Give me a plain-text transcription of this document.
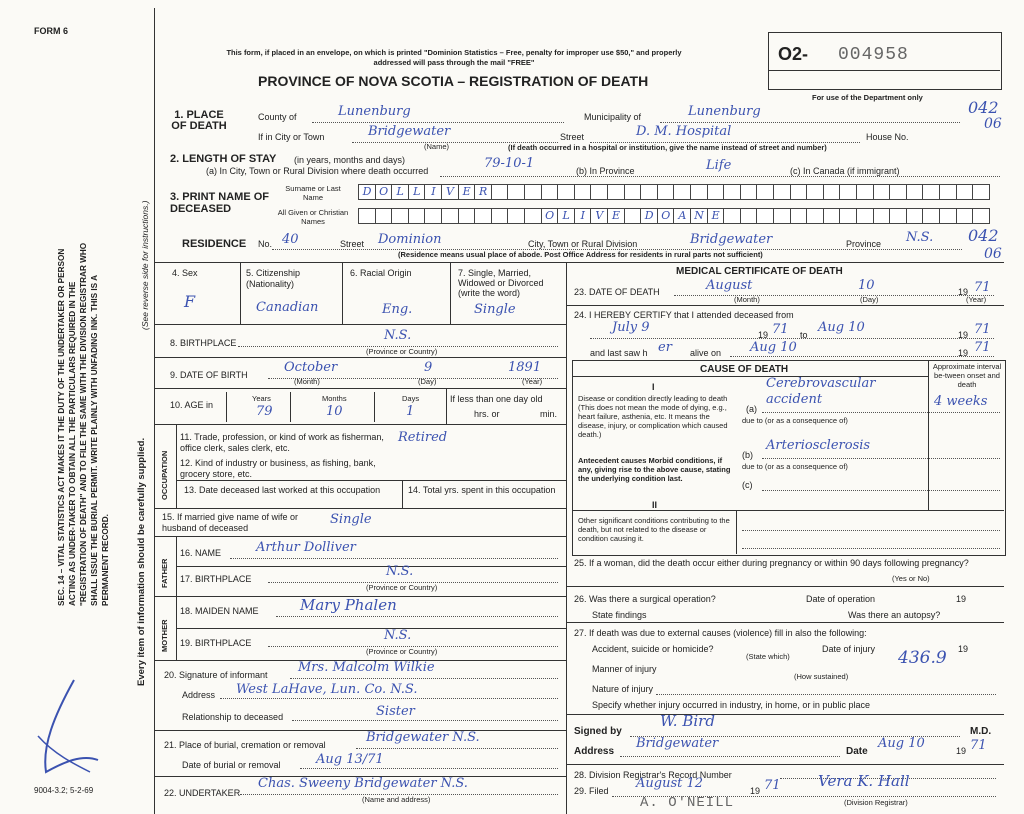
FORM 6
SEC. 14 – VITAL STATISTICS ACT MAKES IT THE DUTY OF THE UNDERTAKER OR PERSON ACTING AS UNDER-TAKER TO OBTAIN ALL THE PARTICULARS REQUIRED IN THE "REGISTRATION OF DEATH" AND TO FILE THE SAME WITH THE DIVISION REGISTRAR WHO SHALL ISSUE THE BURIAL PERMIT. WRITE PLAINLY WITH UNFADING INK. THIS IS A PERMANENT RECORD.	Every item of information should be carefully supplied.
(See reverse side for instructions.)
9004-3.2; 5-2-69
This form, if placed in an envelope, on which is printed "Dominion Statistics – Free, penalty for improper use $50," and properly addressed will pass through the mail "FREE"
PROVINCE OF NOVA SCOTIA – REGISTRATION OF DEATH
O2- 004958
For use of the Department only
042
06
1. PLACE OF DEATH
County of	Lunenburg	Municipality of	Lunenburg
If in City or Town	Bridgewater
(Name)
Street	D. M. Hospital	House No.
(If death occurred in a hospital or institution, give the name instead of street and number)
2. LENGTH OF STAY (in years, months and days)
(a) In City, Town or Rural Division where death occurred	79-10-1	(b) In Province	Life	(c) In Canada (if immigrant)
3. PRINT NAME OF DECEASED
Surname or Last Name
All Given or Christian Names
D O L L I V E R
O L I V E	D O A N E
RESIDENCE No. 40	Street Dominion	City, Town or Rural Division	Bridgewater	Province N.S. 042
06
(Residence means usual place of abode. Post Office Address for residents in rural parts not sufficient)
4. Sex
F
5. Citizenship (Nationality)
Canadian
6. Racial Origin
Eng.
7. Single, Married, Widowed or Divorced (write the word)
Single
8. BIRTHPLACE	N.S.
(Province or Country)
9. DATE OF BIRTH	October	9	1891
(Month)	(Day)	(Year)
10. AGE in
Years	Months	Days
79	10	1
If less than one day old
hrs. or	min.
OCCUPATION
11. Trade, profession, or kind of work as fisherman, office clerk, sales clerk, etc.
Retired
12. Kind of industry or business, as fishing, bank, grocery store, etc.
13. Date deceased last worked at this occupation	14. Total yrs. spent in this occupation
15. If married give name of wife or husband of deceased
Single
FATHER
MOTHER
16. NAME	Arthur Dolliver
17. BIRTHPLACE	N.S.
(Province or Country)
18. MAIDEN NAME	Mary Phalen
19. BIRTHPLACE	N.S.
(Province or Country)
20. Signature of informant Mrs. Malcolm Wilkie
Address West LaHave, Lun. Co. N.S.
Relationship to deceased	Sister
21. Place of burial, cremation or removal	Bridgewater N.S.
Date of burial or removal	Aug 13/71
22. UNDERTAKER
Chas. Sweeny Bridgewater N.S.
(Name and address)
MEDICAL CERTIFICATE OF DEATH
23. DATE OF DEATH	August	10	19 71
(Month)	(Day)	(Year)
24. I HEREBY CERTIFY that I attended deceased from
July 9	19 71 to Aug 10	19 71
and last saw h er alive on Aug 10	19 71
CAUSE OF DEATH	Approximate interval be-tween onset and death
I
Disease or condition directly leading to death (This does not mean the mode of dying, e.g., heart failure, asthenia, etc. It means the disease, injury, or complication which caused death.)
(a)
Cerebrovascular accident	4 weeks
due to (or as a consequence of)
Antecedent causes Morbid conditions, if any, giving rise to the above cause, stating the underlying condition last.
(b)
Arteriosclerosis
due to (or as a consequence of)
(c)
II
Other significant conditions contributing to the death, but not related to the disease or condition causing it.
25. If a woman, did the death occur either during pregnancy or within 90 days following pregnancy?
(Yes or No)
26. Was there a surgical operation?	Date of operation	19
State findings	Was there an autopsy?
27. If death was due to external causes (violence) fill in also the following:
Accident, suicide or homicide?	Date of injury	19
(State which)
Manner of injury
436.9
(How sustained)
Nature of injury
Specify whether injury occurred in industry, in home, or in public place
Signed by
W. Bird
M.D.
Address
Bridgewater
Date
Aug 10	19 71
28. Division Registrar's Record Number
29. Filed August 12	19 71 Vera K. Hall
(Division Registrar)
A. O'NEILL
